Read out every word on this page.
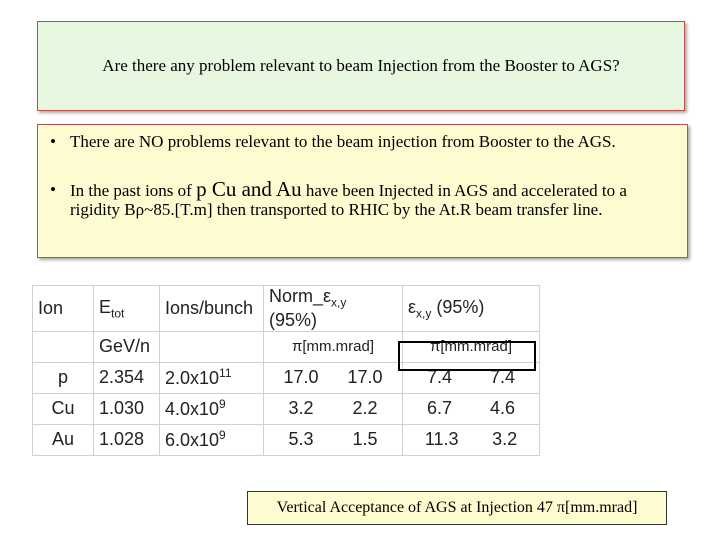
Are there any problem relevant to beam Injection from the Booster to AGS?
• There are NO problems relevant to the beam injection from Booster to the AGS.
• In the past ions of p Cu and Au have been Injected in AGS and accelerated to a rigidity Bρ~85.[T.m] then transported to RHIC by the At.R beam transfer line.
Ion	$E_{tot}$	Ions/bunch	$Norm\_\varepsilon_{x,y}$ (95%)	$\varepsilon_{x,y}$ (95%)
	GeV/n		π[mm.mrad]	π[mm.mrad]
p	2.354	$2.0x10^{11}$	17.0 17.0	7.4 7.4

Cu	1.030	$4.0x10^9$	3.2 2.2	6.7 4.6

Au	1.028	$6.0x10^9$	5.3 1.5	11.3 3.2
Vertical Acceptance of AGS at Injection 47 π[mm.mrad]
